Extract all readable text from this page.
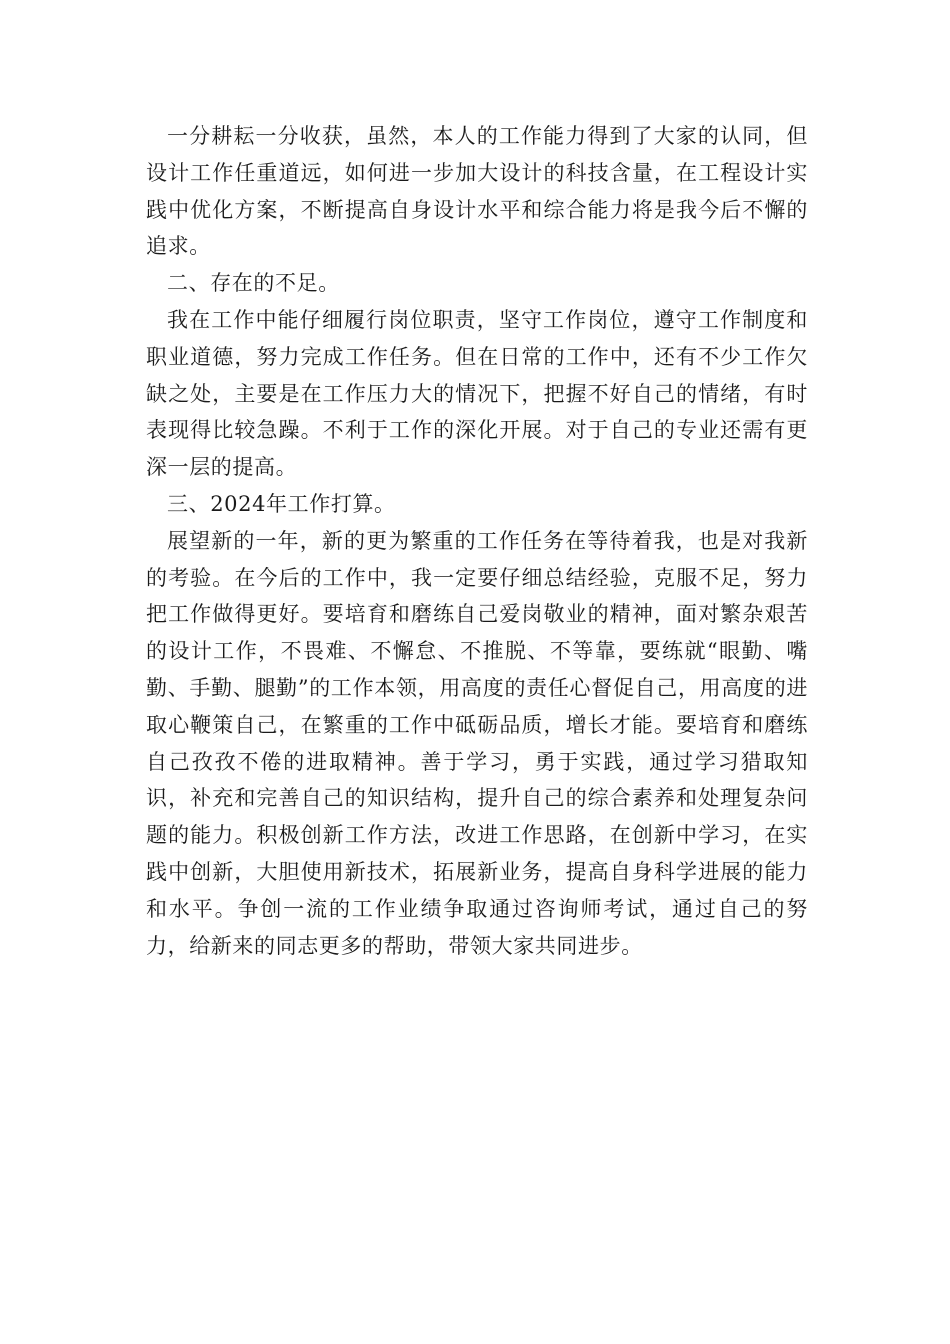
一分耕耘一分收获，虽然，本人的工作能力得到了大家的认同，但设计工作任重道远，如何进一步加大设计的科技含量，在工程设计实践中优化方案，不断提高自身设计水平和综合能力将是我今后不懈的追求。

二、存在的不足。

我在工作中能仔细履行岗位职责，坚守工作岗位，遵守工作制度和职业道德，努力完成工作任务。但在日常的工作中，还有不少工作欠缺之处，主要是在工作压力大的情况下，把握不好自己的情绪，有时表现得比较急躁。不利于工作的深化开展。对于自己的专业还需有更深一层的提高。

三、2024年工作打算。

展望新的一年，新的更为繁重的工作任务在等待着我，也是对我新的考验。在今后的工作中，我一定要仔细总结经验，克服不足，努力把工作做得更好。要培育和磨练自己爱岗敬业的精神，面对繁杂艰苦的设计工作，不畏难、不懈怠、不推脱、不等靠，要练就“眼勤、嘴勤、手勤、腿勤”的工作本领，用高度的责任心督促自己，用高度的进取心鞭策自己，在繁重的工作中砥砺品质，增长才能。要培育和磨练自己孜孜不倦的进取精神。善于学习，勇于实践，通过学习猎取知识，补充和完善自己的知识结构，提升自己的综合素养和处理复杂问题的能力。积极创新工作方法，改进工作思路，在创新中学习，在实践中创新，大胆使用新技术，拓展新业务，提高自身科学进展的能力和水平。争创一流的工作业绩争取通过咨询师考试，通过自己的努力，给新来的同志更多的帮助，带领大家共同进步。
